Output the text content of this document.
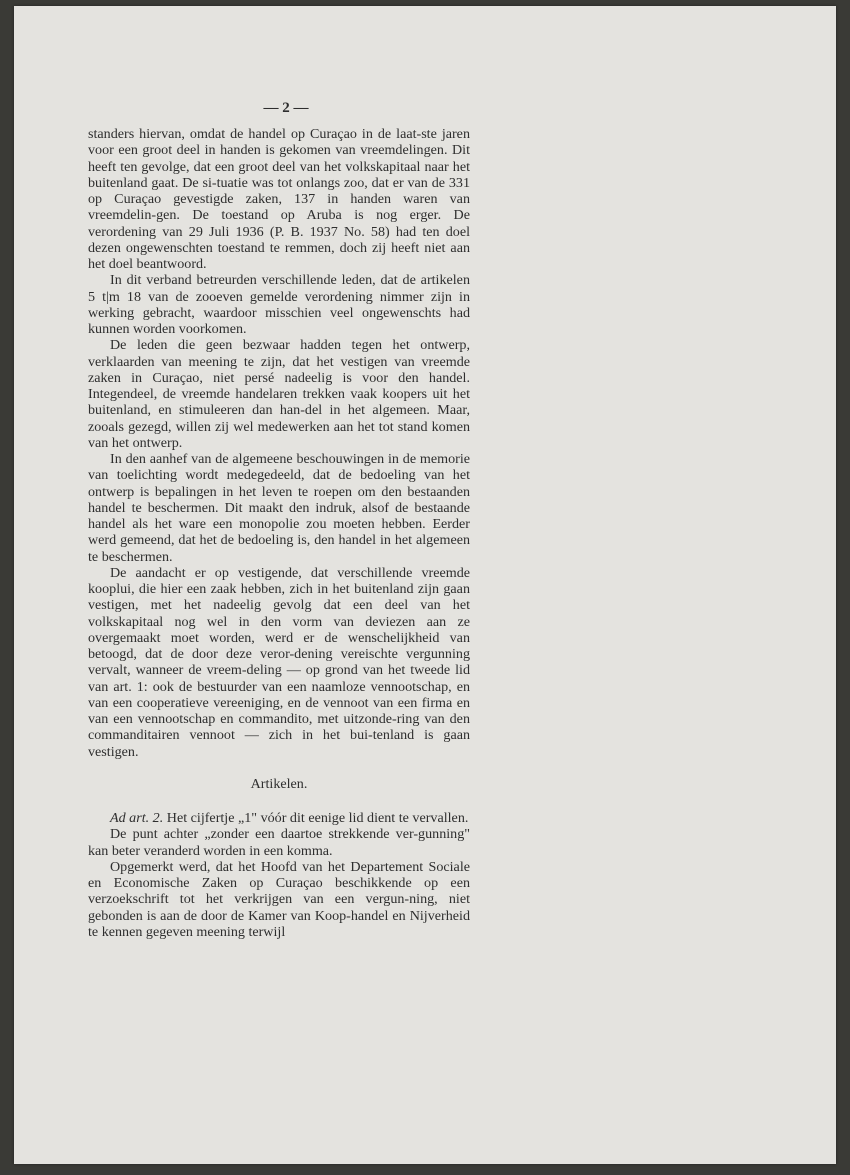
— 2 —

standers hiervan, omdat de handel op Curaçao in de laat-ste jaren voor een groot deel in handen is gekomen van vreemdelingen. Dit heeft ten gevolge, dat een groot deel van het volkskapitaal naar het buitenland gaat. De si-tuatie was tot onlangs zoo, dat er van de 331 op Curaçao gevestigde zaken, 137 in handen waren van vreemdelin-gen. De toestand op Aruba is nog erger. De verordening van 29 Juli 1936 (P. B. 1937 No. 58) had ten doel dezen ongewenschten toestand te remmen, doch zij heeft niet aan het doel beantwoord.

In dit verband betreurden verschillende leden, dat de artikelen 5 t|m 18 van de zooeven gemelde verordening nimmer zijn in werking gebracht, waardoor misschien veel ongewenschts had kunnen worden voorkomen.

De leden die geen bezwaar hadden tegen het ontwerp, verklaarden van meening te zijn, dat het vestigen van vreemde zaken in Curaçao, niet persé nadeelig is voor den handel. Integendeel, de vreemde handelaren trekken vaak koopers uit het buitenland, en stimuleeren dan han-del in het algemeen. Maar, zooals gezegd, willen zij wel medewerken aan het tot stand komen van het ontwerp.

In den aanhef van de algemeene beschouwingen in de memorie van toelichting wordt medegedeeld, dat de bedoeling van het ontwerp is bepalingen in het leven te roepen om den bestaanden handel te beschermen. Dit maakt den indruk, alsof de bestaande handel als het ware een monopolie zou moeten hebben. Eerder werd gemeend, dat het de bedoeling is, den handel in het algemeen te beschermen.

De aandacht er op vestigende, dat verschillende vreemde kooplui, die hier een zaak hebben, zich in het buitenland zijn gaan vestigen, met het nadeelig gevolg dat een deel van het volkskapitaal nog wel in den vorm van deviezen aan ze overgemaakt moet worden, werd er de wenschelijkheid van betoogd, dat de door deze veror-dening vereischte vergunning vervalt, wanneer de vreem-deling — op grond van het tweede lid van art. 1: ook de bestuurder van een naamloze vennootschap, en van een cooperatieve vereeniging, en de vennoot van een firma en van een vennootschap en commandito, met uitzonde-ring van den commanditairen vennoot — zich in het bui-tenland is gaan vestigen.

Artikelen.

Ad art. 2. Het cijfertje „1" vóór dit eenige lid dient te vervallen.

De punt achter „zonder een daartoe strekkende ver-gunning" kan beter veranderd worden in een komma.

Opgemerkt werd, dat het Hoofd van het Departement Sociale en Economische Zaken op Curaçao beschikkende op een verzoekschrift tot het verkrijgen van een vergun-ning, niet gebonden is aan de door de Kamer van Koop-handel en Nijverheid te kennen gegeven meening terwijl
